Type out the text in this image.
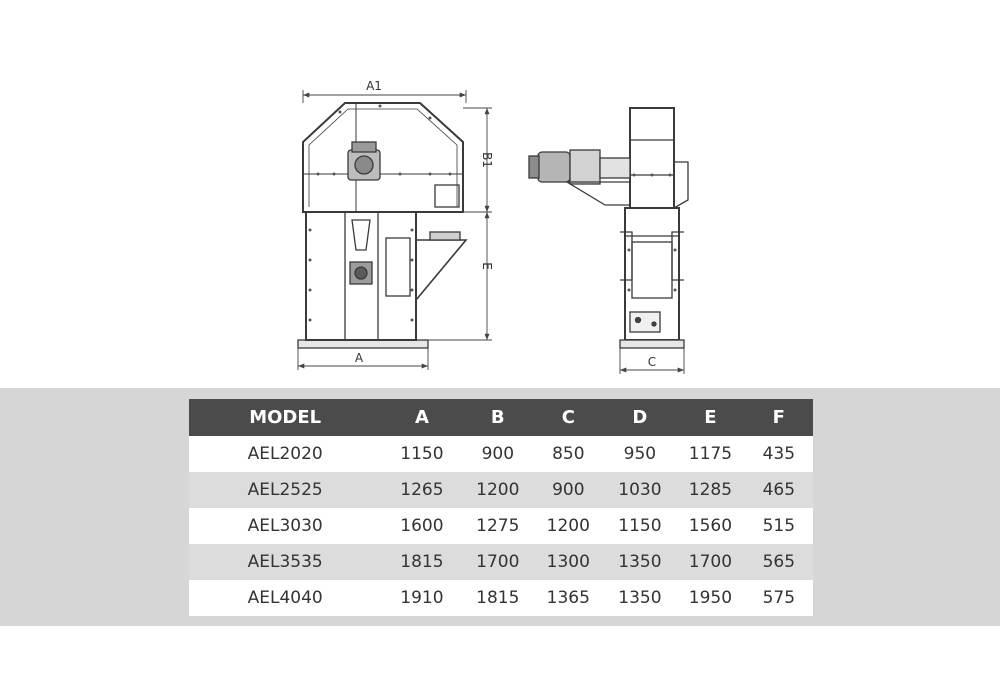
A1
B1
E
A	C
MODEL	A	B	C	D	E	F
AEL2020	1150	900	850	950	1175	435
AEL2525	1265	1200	900	1030	1285	465
AEL3030	1600	1275	1200	1150	1560	515
AEL3535	1815	1700	1300	1350	1700	565
AEL4040	1910	1815	1365	1350	1950	575
